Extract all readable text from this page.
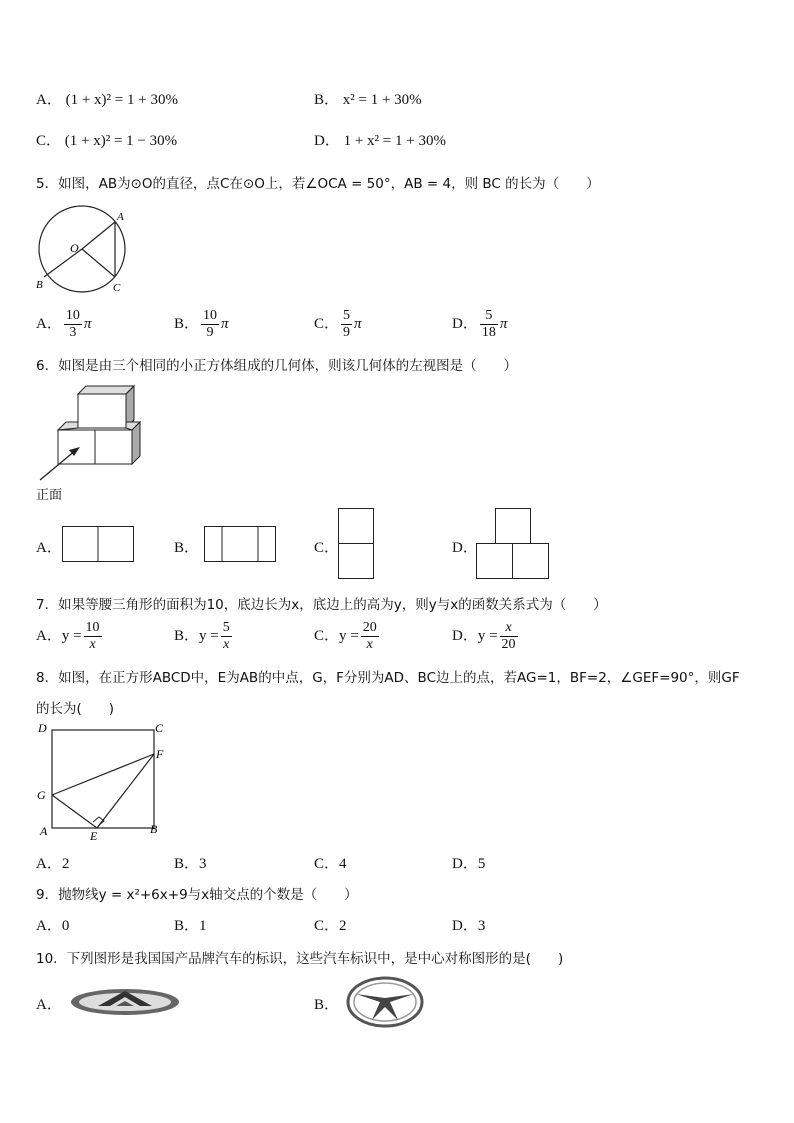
A． (1 + x)² = 1 + 30%	B． x² = 1 + 30%
C． (1 + x)² = 1 − 30%	D． 1 + x² = 1 + 30%
5．如图，AB为⊙O的直径，点C在⊙O上，若∠OCA = 50°，AB = 4，则 BC 的长为（　　）
A
O
B	C
A． $\frac{10}{3}$ π	B． $\frac{10}{9}$ π	C． $\frac{5}{9}$ π	D． $\frac{5}{18}$ π
6．如图是由三个相同的小正方体组成的几何体，则该几何体的左视图是（　　）
正面
A．	B．	C．	D．
7．如果等腰三角形的面积为10，底边长为x，底边上的高为y，则y与x的函数关系式为（　　）
A．$y = \frac{10}{x}$	B．$y = \frac{5}{x}$	C．$y = \frac{20}{x}$	D．$y = \frac{x}{20}$
8．如图，在正方形ABCD中，E为AB的中点，G，F分别为AD、BC边上的点，若AG=1，BF=2，∠GEF=90°，则GF
的长为(　　)
D	C
F
G
A	E	B
A．2	B．3	C．4	D．5
9．抛物线y = x²+6x+9与x轴交点的个数是（　　）
A．0	B．1	C．2	D．3
10．下列图形是我国国产品牌汽车的标识，这些汽车标识中，是中心对称图形的是(　　)
A．	B．
